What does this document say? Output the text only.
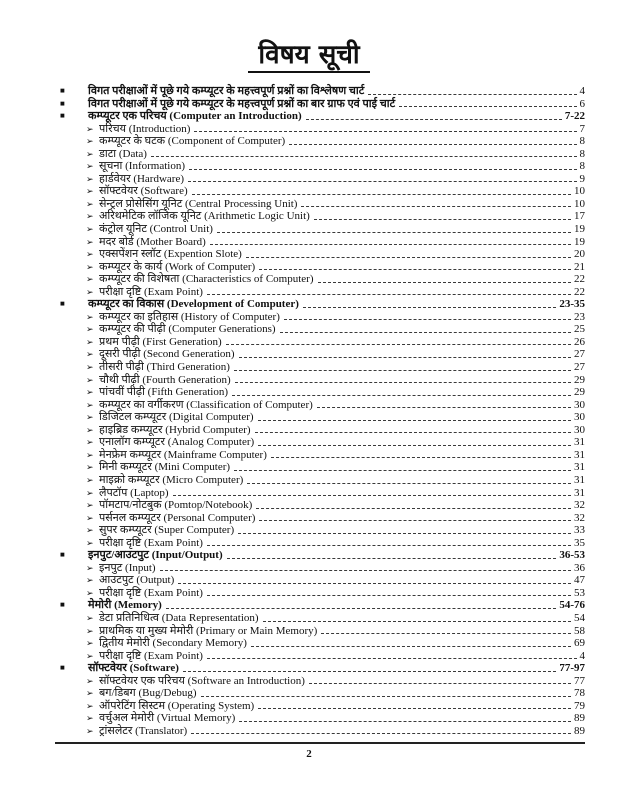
विषय सूची
■	विगत परीक्षाओं में पूछे गये कम्प्यूटर के महत्त्वपूर्ण प्रश्नों का विश्लेषण चार्ट	4
■	विगत परीक्षाओं में पूछे गये कम्प्यूटर के महत्त्वपूर्ण प्रश्नों का बार ग्राफ एवं पाई चार्ट	6
■	कम्प्यूटर एक परिचय (Computer an Introduction)	7-22
➢ परिचय (Introduction)	7
➢ कम्प्यूटर के घटक (Component of Computer)	8
➢ डाटा (Data)	8
➢ सूचना (Information)	8
➢ हार्डवेयर (Hardware)	9
➢ सॉफ्टवेयर (Software)	10
➢ सेन्ट्रल प्रोसेसिंग यूनिट (Central Processing Unit)	10
➢ अरिथमेटिक लॉजिक यूनिट (Arithmetic Logic Unit)	17
➢ कंट्रोल यूनिट (Control Unit)	19
➢ मदर बोर्ड (Mother Board)	19
➢ एक्सपेंशन स्लॉट (Expention Slote)	20
➢ कम्प्यूटर के कार्य (Work of Computer)	21
➢ कम्प्यूटर की विशेषता (Characteristics of Computer)	22
➢ परीक्षा दृष्टि (Exam Point)	22
■	कम्प्यूटर का विकास (Development of Computer)	23-35
➢ कम्प्यूटर का इतिहास (History of Computer)	23
➢ कम्प्यूटर की पीढ़ी (Computer Generations)	25
➢ प्रथम पीढ़ी (First Generation)	26
➢ दूसरी पीढ़ी (Second Generation)	27
➢ तीसरी पीढ़ी (Third Generation)	27
➢ चौथी पीढ़ी (Fourth Generation)	29
➢ पांचवीं पीढ़ी (Fifth Generation)	29
➢ कम्प्यूटर का वर्गीकरण (Classification of Computer)	30
➢ डिजिटल कम्प्यूटर (Digital Computer)	30
➢ हाइब्रिड कम्प्यूटर (Hybrid Computer)	30
➢ एनालॉग कम्प्यूटर (Analog Computer)	31
➢ मेनफ्रेम कम्प्यूटर (Mainframe Computer)	31
➢ मिनी कम्प्यूटर (Mini Computer)	31
➢ माइक्रो कम्प्यूटर (Micro Computer)	31
➢ लैपटॉप (Laptop)	31
➢ पॉमटाप/नोटबुक (Pomtop/Notebook)	32
➢ पर्सनल कम्प्यूटर (Personal Computer)	32
➢ सुपर कम्प्यूटर (Super Computer)	33
➢ परीक्षा दृष्टि (Exam Point)	35
■	इनपुट/आउटपुट (Input/Output)	36-53
➢ इनपुट (Input)	36
➢ आउटपुट (Output)	47
➢ परीक्षा दृष्टि (Exam Point)	53
■	मेमोरी (Memory)	54-76
➢ डेटा प्रतिनिधित्व (Data Representation)	54
➢ प्राथमिक या मुख्य मेमोरी (Primary or Main Memory)	58
➢ द्वितीय मेमोरी (Secondary Memory)	69
➢ परीक्षा दृष्टि (Exam Point)	4
■	सॉफ्टवेयर (Software)	77-97
➢ सॉफ्टवेयर एक परिचय (Software an Introduction)	77
➢ बग/डिबग (Bug/Debug)	78
➢ ऑपरेटिंग सिस्टम (Operating System)	79
➢ वर्चुअल मेमोरी (Virtual Memory)	89
➢ ट्रांसलेटर (Translator)	89
2
